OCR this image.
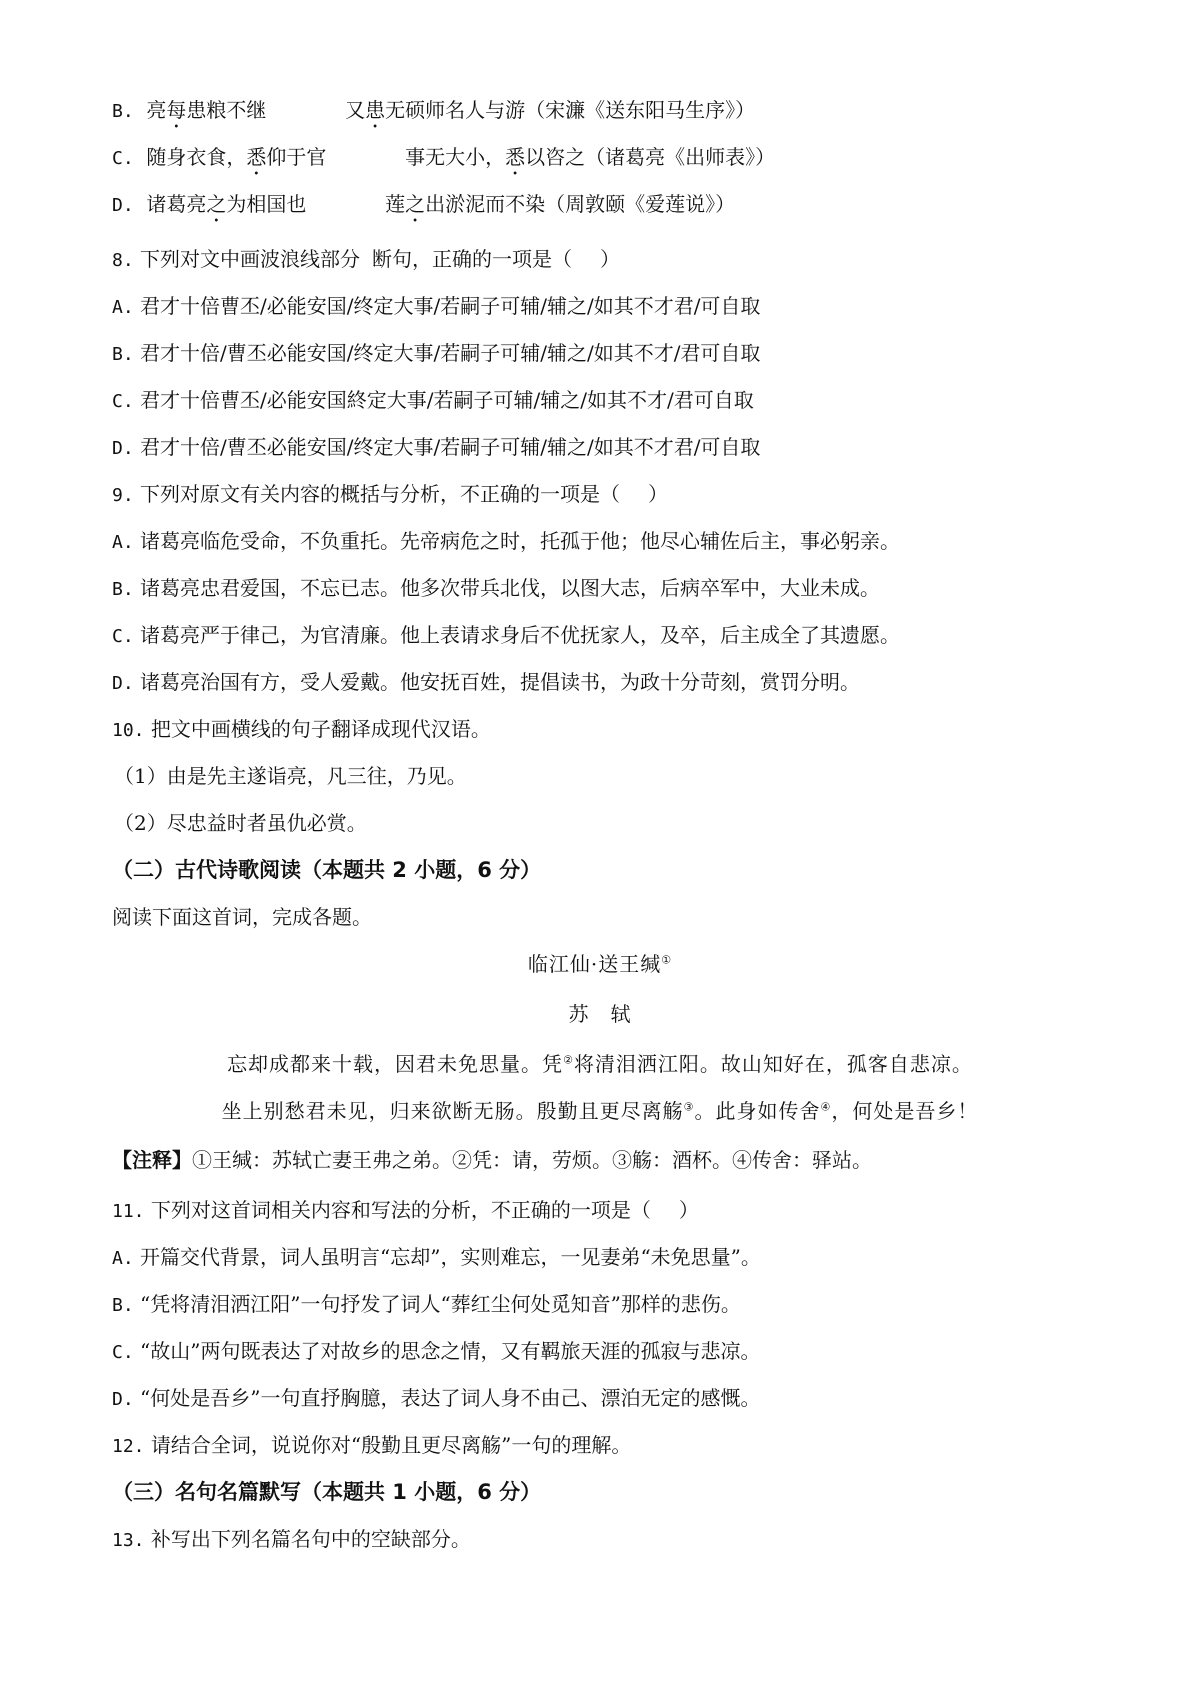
B. 亮每患粮不继	又患无硕师名人与游（宋濂《送东阳马生序》）
C. 随身衣食，悉仰于官	事无大小，悉以咨之（诸葛亮《出师表》）
D. 诸葛亮之为相国也	莲之出淤泥而不染（周敦颐《爱莲说》）
8. 下列对文中画波浪线部分 断句，正确的一项是（ ）
A. 君才十倍曹丕/必能安国/终定大事/若嗣子可辅/辅之/如其不才君/可自取
B. 君才十倍/曹丕必能安国/终定大事/若嗣子可辅/辅之/如其不才/君可自取
C. 君才十倍曹丕/必能安国終定大事/若嗣子可辅/辅之/如其不才/君可自取
D. 君才十倍/曹丕必能安国/终定大事/若嗣子可辅/辅之/如其不才君/可自取
9. 下列对原文有关内容的概括与分析，不正确的一项是（ ）
A. 诸葛亮临危受命，不负重托。先帝病危之时，托孤于他；他尽心辅佐后主，事必躬亲。
B. 诸葛亮忠君爱国，不忘已志。他多次带兵北伐，以图大志，后病卒军中，大业未成。
C. 诸葛亮严于律己，为官清廉。他上表请求身后不优抚家人，及卒，后主成全了其遗愿。
D. 诸葛亮治国有方，受人爱戴。他安抚百姓，提倡读书，为政十分苛刻，赏罚分明。
10. 把文中画横线的句子翻译成现代汉语。
（1）由是先主遂诣亮，凡三往，乃见。
（2）尽忠益时者虽仇必赏。
（二）古代诗歌阅读（本题共 2 小题，6 分）
阅读下面这首词，完成各题。
临江仙·送王缄①
苏　轼
忘却成都来十载，因君未免思量。凭②将清泪洒江阳。故山知好在，孤客自悲凉。
坐上别愁君未见，归来欲断无肠。殷勤且更尽离觞③。此身如传舍④，何处是吾乡！
【注释】①王缄：苏轼亡妻王弗之弟。②凭：请，劳烦。③觞：酒杯。④传舍：驿站。
11. 下列对这首词相关内容和写法的分析，不正确的一项是（ ）
A. 开篇交代背景，词人虽明言“忘却”，实则难忘，一见妻弟“未免思量”。
B. “凭将清泪洒江阳”一句抒发了词人“葬红尘何处觅知音”那样的悲伤。
C. “故山”两句既表达了对故乡的思念之情，又有羁旅天涯的孤寂与悲凉。
D. “何处是吾乡”一句直抒胸臆，表达了词人身不由己、漂泊无定的感慨。
12. 请结合全词，说说你对“殷勤且更尽离觞”一句的理解。
（三）名句名篇默写（本题共 1 小题，6 分）
13. 补写出下列名篇名句中的空缺部分。
